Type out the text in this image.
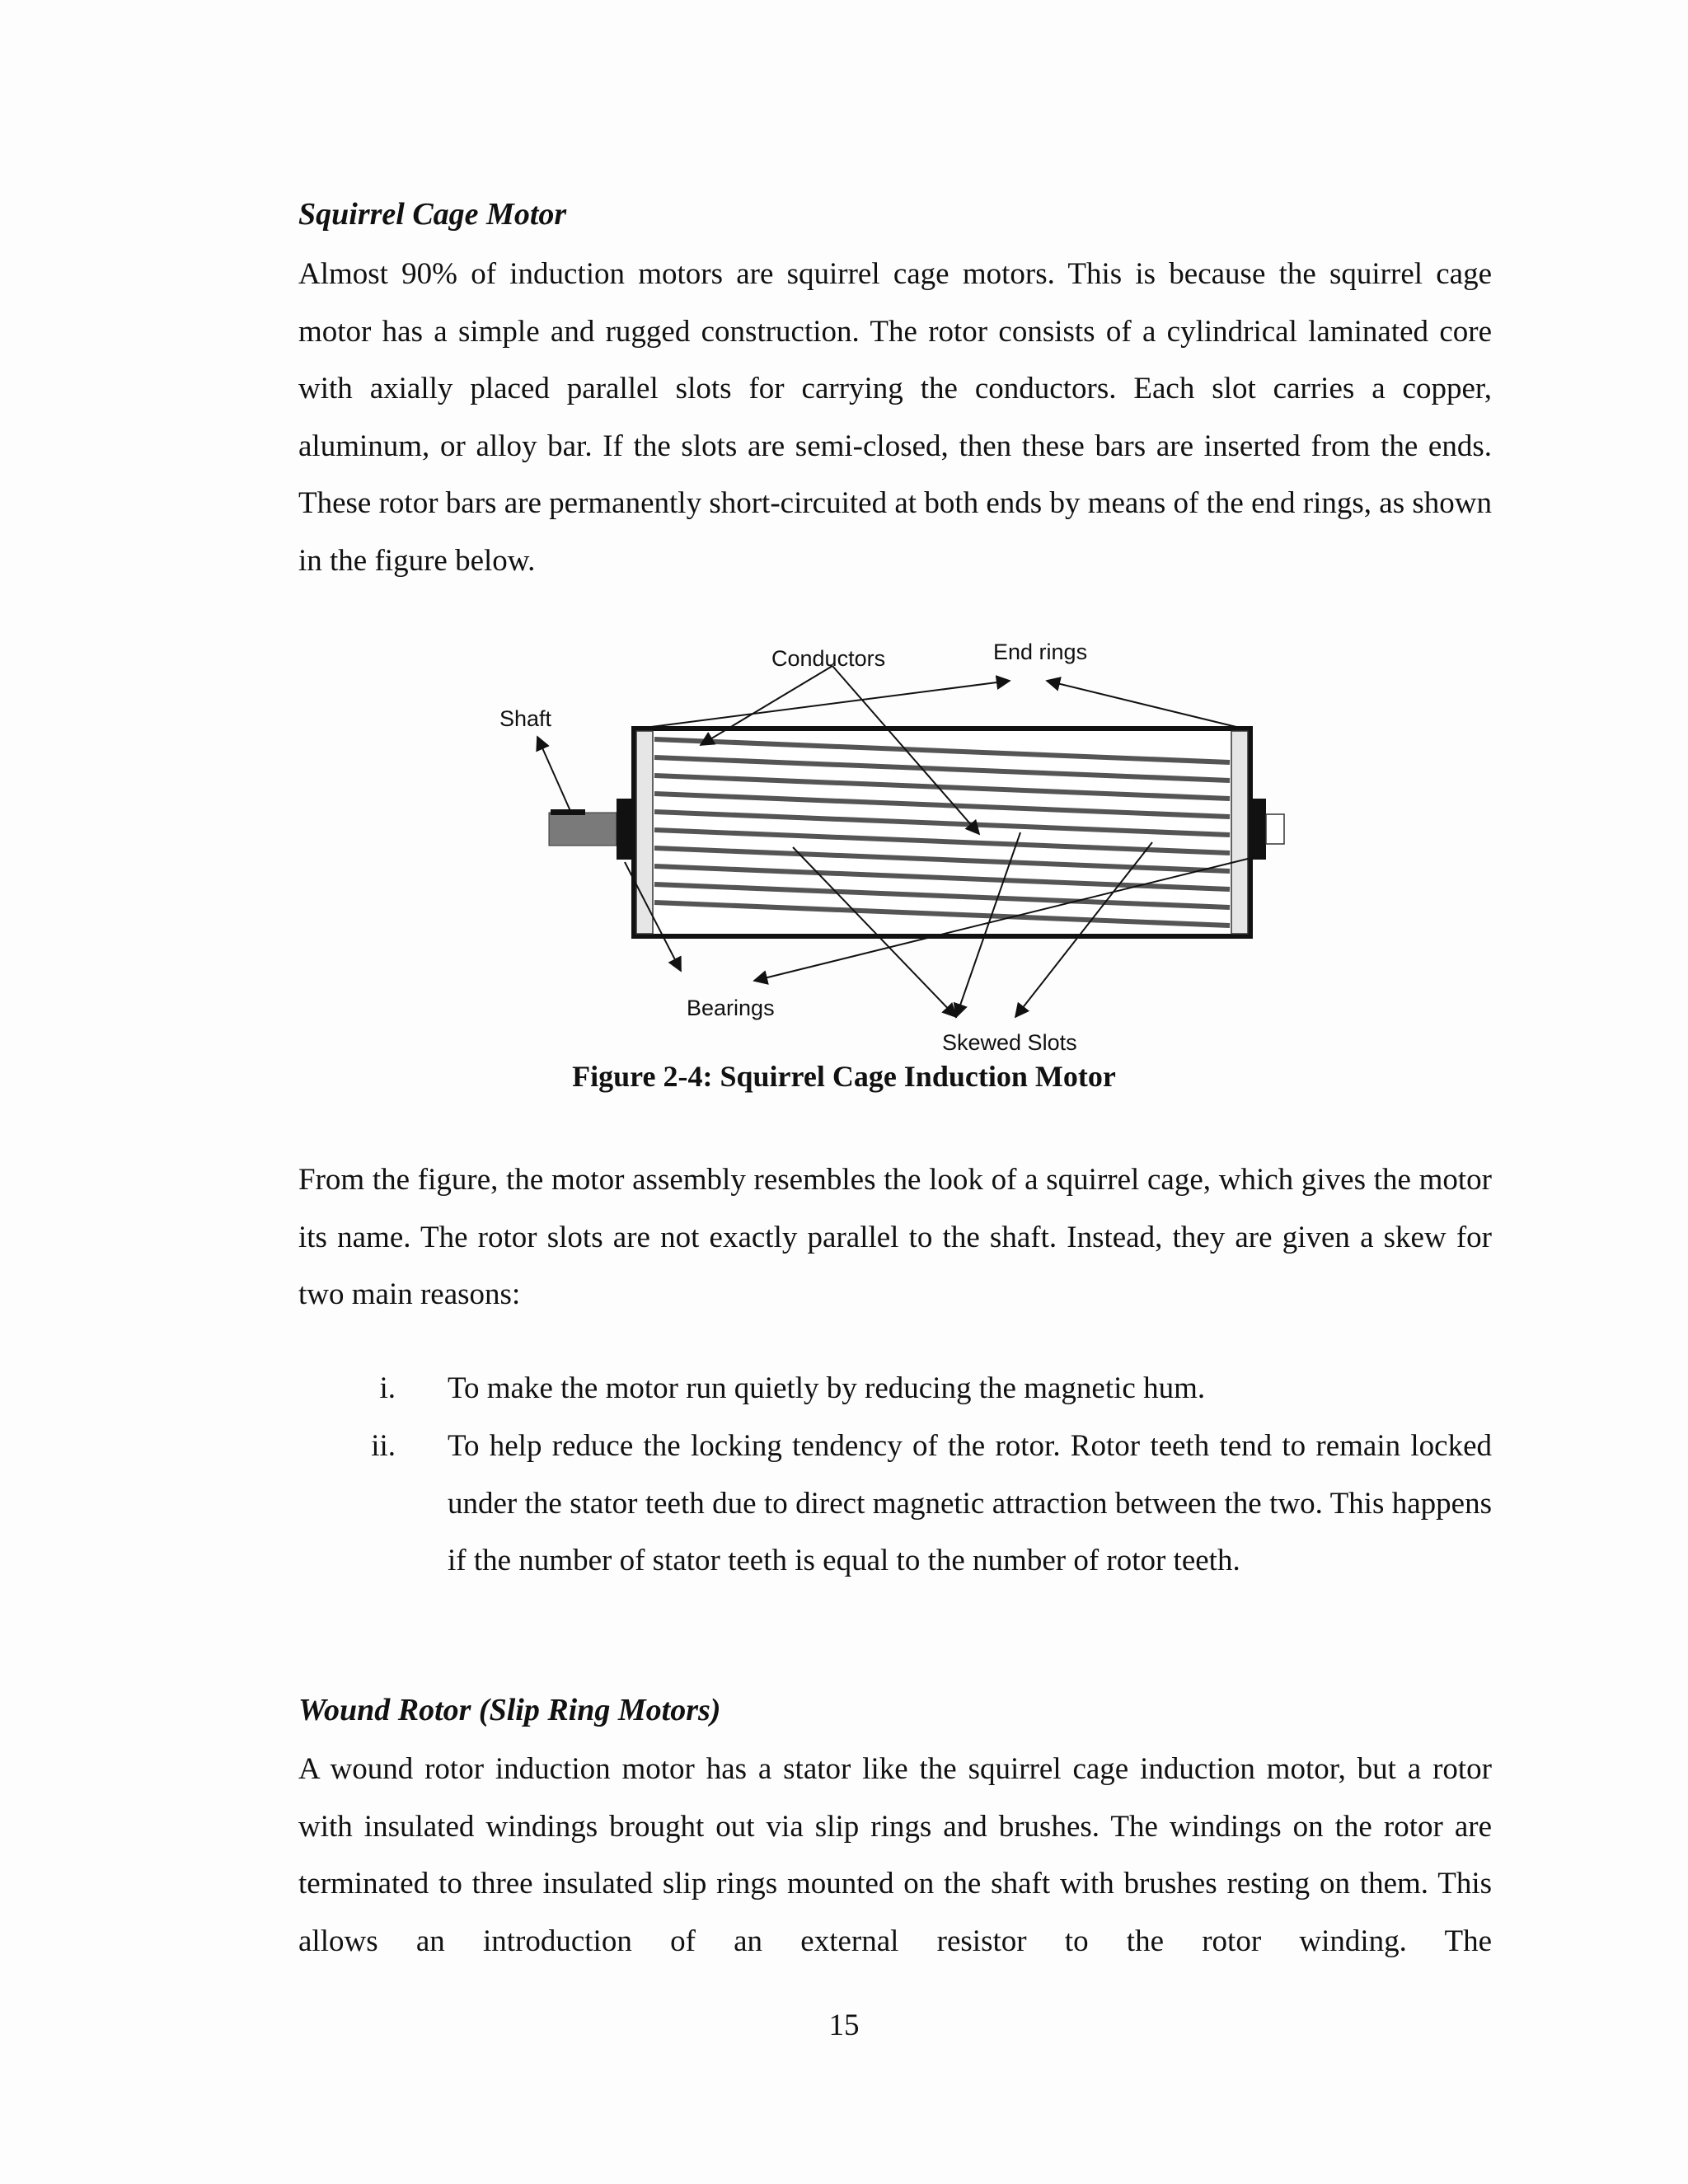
Squirrel Cage Motor

Almost 90% of induction motors are squirrel cage motors. This is because the squirrel cage motor has a simple and rugged construction. The rotor consists of a cylindrical laminated core with axially placed parallel slots for carrying the conductors. Each slot carries a copper, aluminum, or alloy bar. If the slots are semi-closed, then these bars are inserted from the ends. These rotor bars are permanently short-circuited at both ends by means of the end rings, as shown in the figure below.

Conductors	End rings
Shaft
Bearings
Skewed Slots

Figure 2-4: Squirrel Cage Induction Motor

From the figure, the motor assembly resembles the look of a squirrel cage, which gives the motor its name. The rotor slots are not exactly parallel to the shaft. Instead, they are given a skew for two main reasons:

i. To make the motor run quietly by reducing the magnetic hum.
ii. To help reduce the locking tendency of the rotor. Rotor teeth tend to remain locked under the stator teeth due to direct magnetic attraction between the two. This happens if the number of stator teeth is equal to the number of rotor teeth.
Wound Rotor (Slip Ring Motors)

A wound rotor induction motor has a stator like the squirrel cage induction motor, but a rotor with insulated windings brought out via slip rings and brushes. The windings on the rotor are terminated to three insulated slip rings mounted on the shaft with brushes resting on them. This allows an introduction of an external resistor to the rotor winding. The

15
